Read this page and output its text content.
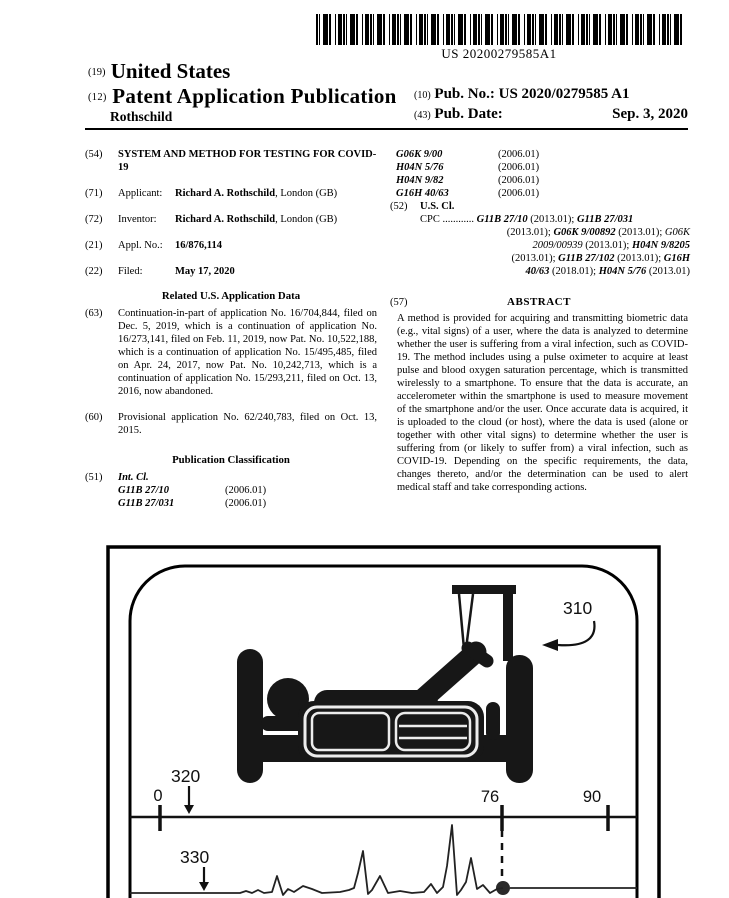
US 20200279585A1
(19) United States
(12) Patent Application Publication
Rothschild
(10) Pub. No.: US 2020/0279585 A1
(43) Pub. Date:	Sep. 3, 2020
(54) SYSTEM AND METHOD FOR TESTING FOR COVID-19
(71) Applicant: Richard A. Rothschild, London (GB)
(72) Inventor: Richard A. Rothschild, London (GB)
(21) Appl. No.: 16/876,114
(22) Filed:	May 17, 2020
Related U.S. Application Data
(63) Continuation-in-part of application No. 16/704,844, filed on Dec. 5, 2019, which is a continuation of application No. 16/273,141, filed on Feb. 11, 2019, now Pat. No. 10,522,188, which is a continuation of application No. 15/495,485, filed on Apr. 24, 2017, now Pat. No. 10,242,713, which is a continuation of application No. 15/293,211, filed on Oct. 13, 2016, now abandoned.
(60) Provisional application No. 62/240,783, filed on Oct. 13, 2015.
Publication Classification
(51) Int. Cl.
G11B 27/10	(2006.01)
G11B 27/031	(2006.01)
G06K 9/00	(2006.01)
H04N 5/76	(2006.01)
H04N 9/82	(2006.01)
G16H 40/63	(2006.01)
(52) U.S. Cl.
CPC ............ G11B 27/10 (2013.01); G11B 27/031
(2013.01); G06K 9/00892 (2013.01); G06K
2009/00939 (2013.01); H04N 9/8205
(2013.01); G11B 27/102 (2013.01); G16H
40/63 (2018.01); H04N 5/76 (2013.01)
(57)	ABSTRACT

A method is provided for acquiring and transmitting biometric data (e.g., vital signs) of a user, where the data is analyzed to determine whether the user is suffering from a viral infection, such as COVID-19. The method includes using a pulse oximeter to acquire at least pulse and blood oxygen saturation percentage, which is transmitted wirelessly to a smartphone. To ensure that the data is accurate, an accelerometer within the smartphone is used to measure movement of the smartphone and/or the user. Once accurate data is acquired, it is uploaded to the cloud (or host), where the data is used (alone or together with other vital signs) to determine whether the user is suffering from (or likely to suffer from) a viral infection, such as COVID-19. Depending on the specific requirements, the data, changes thereto, and/or the determination can be used to alert medical staff and take corresponding actions.

0	76	90
310
320
330
